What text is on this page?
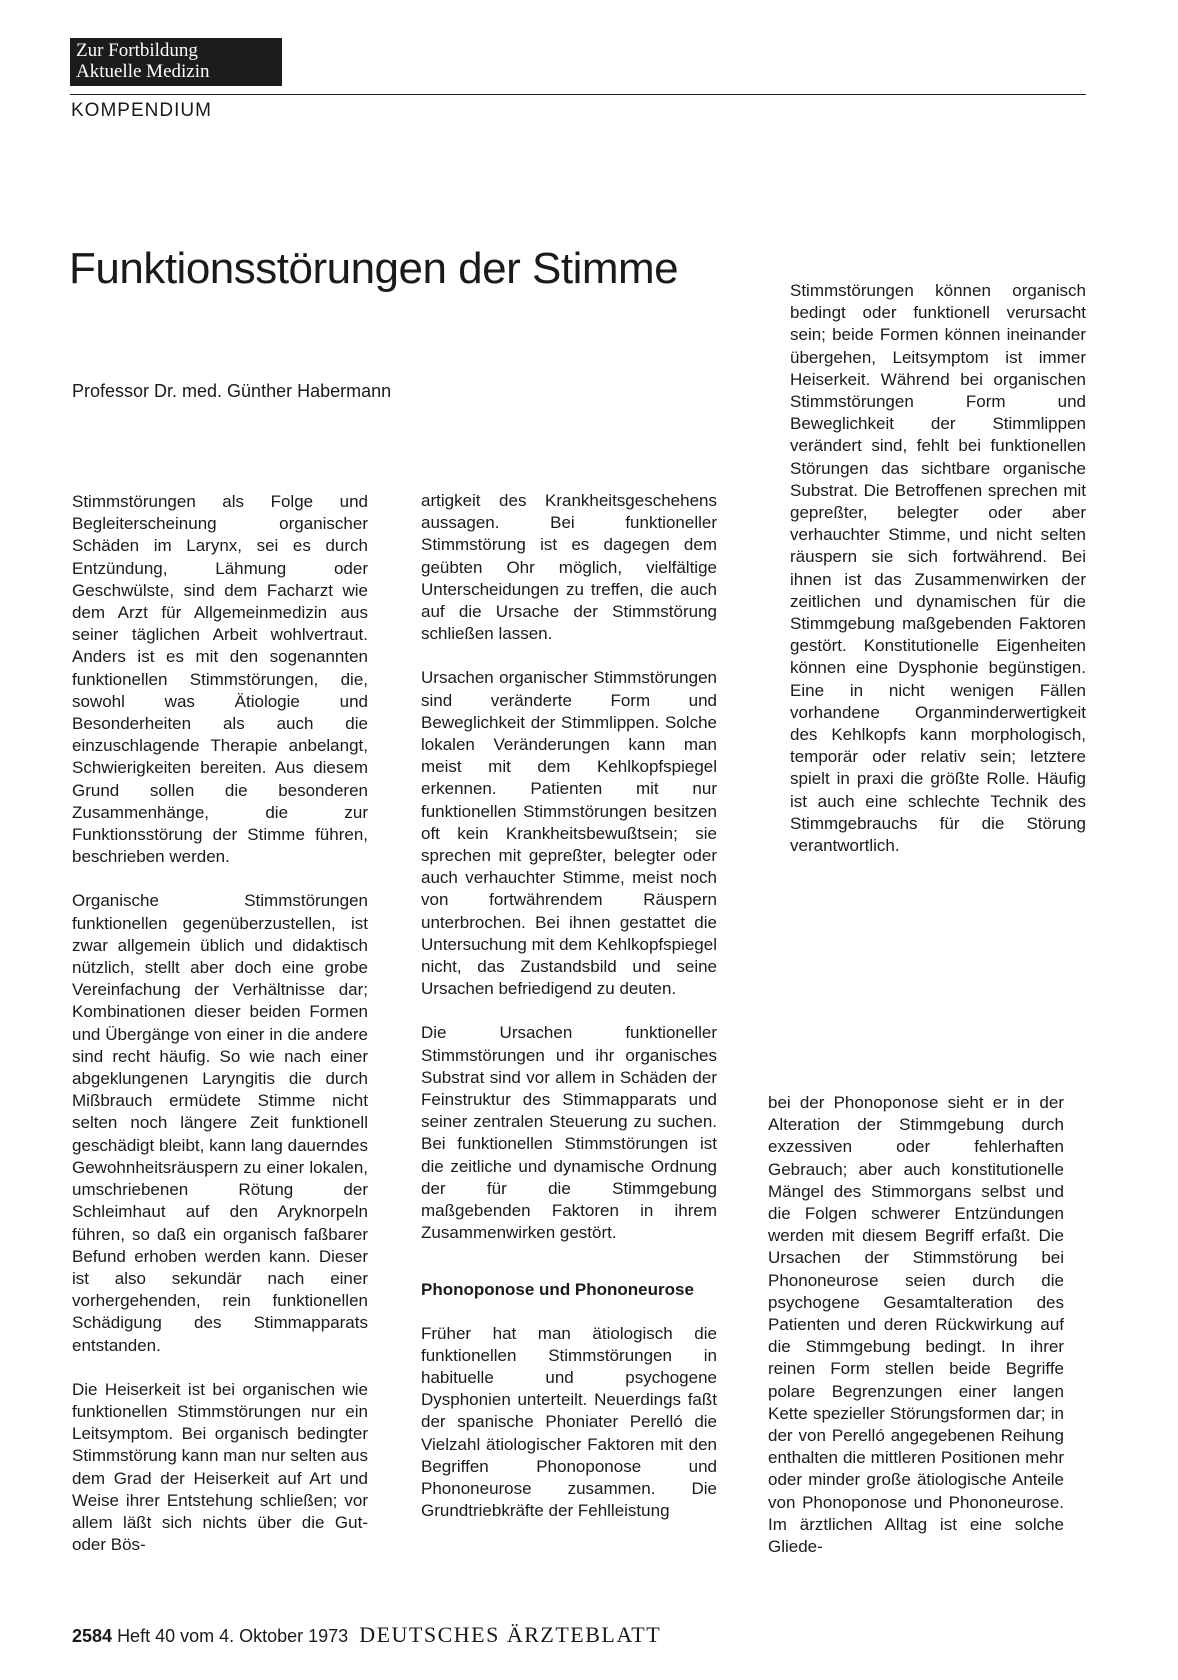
Zur Fortbildung
Aktuelle Medizin
KOMPENDIUM
Funktionsstörungen der Stimme
Professor Dr. med. Günther Habermann

Stimmstörungen als Folge und Begleiterscheinung organischer Schäden im Larynx, sei es durch Entzündung, Lähmung oder Geschwülste, sind dem Facharzt wie dem Arzt für Allgemeinmedizin aus seiner täglichen Arbeit wohlvertraut. Anders ist es mit den sogenannten funktionellen Stimmstörungen, die, sowohl was Ätiologie und Besonderheiten als auch die einzuschlagende Therapie anbelangt, Schwierigkeiten bereiten. Aus diesem Grund sollen die besonderen Zusammenhänge, die zur Funktionsstörung der Stimme führen, beschrieben werden.

Organische Stimmstörungen funktionellen gegenüberzustellen, ist zwar allgemein üblich und didaktisch nützlich, stellt aber doch eine grobe Vereinfachung der Verhältnisse dar; Kombinationen dieser beiden Formen und Übergänge von einer in die andere sind recht häufig. So wie nach einer abgeklungenen Laryngitis die durch Mißbrauch ermüdete Stimme nicht selten noch längere Zeit funktionell geschädigt bleibt, kann lang dauerndes Gewohnheitsräuspern zu einer lokalen, umschriebenen Rötung der Schleimhaut auf den Aryknorpeln führen, so daß ein organisch faßbarer Befund erhoben werden kann. Dieser ist also sekundär nach einer vorhergehenden, rein funktionellen Schädigung des Stimmapparats entstanden.

Die Heiserkeit ist bei organischen wie funktionellen Stimmstörungen nur ein Leitsymptom. Bei organisch bedingter Stimmstörung kann man nur selten aus dem Grad der Heiserkeit auf Art und Weise ihrer Entstehung schließen; vor allem läßt sich nichts über die Gut- oder Bös-

artigkeit des Krankheitsgeschehens aussagen. Bei funktioneller Stimmstörung ist es dagegen dem geübten Ohr möglich, vielfältige Unterscheidungen zu treffen, die auch auf die Ursache der Stimmstörung schließen lassen.

Ursachen organischer Stimmstörungen sind veränderte Form und Beweglichkeit der Stimmlippen. Solche lokalen Veränderungen kann man meist mit dem Kehlkopfspiegel erkennen. Patienten mit nur funktionellen Stimmstörungen besitzen oft kein Krankheitsbewußtsein; sie sprechen mit gepreßter, belegter oder auch verhauchter Stimme, meist noch von fortwährendem Räuspern unterbrochen. Bei ihnen gestattet die Untersuchung mit dem Kehlkopfspiegel nicht, das Zustandsbild und seine Ursachen befriedigend zu deuten.

Die Ursachen funktioneller Stimmstörungen und ihr organisches Substrat sind vor allem in Schäden der Feinstruktur des Stimmapparats und seiner zentralen Steuerung zu suchen. Bei funktionellen Stimmstörungen ist die zeitliche und dynamische Ordnung der für die Stimmgebung maßgebenden Faktoren in ihrem Zusammenwirken gestört.

Phonoponose und Phononeurose

Früher hat man ätiologisch die funktionellen Stimmstörungen in habituelle und psychogene Dysphonien unterteilt. Neuerdings faßt der spanische Phoniater Perelló die Vielzahl ätiologischer Faktoren mit den Begriffen Phonoponose und Phononeurose zusammen. Die Grundtriebkräfte der Fehlleistung

Stimmstörungen können organisch bedingt oder funktionell verursacht sein; beide Formen können ineinander übergehen, Leitsymptom ist immer Heiserkeit. Während bei organischen Stimmstörungen Form und Beweglichkeit der Stimmlippen verändert sind, fehlt bei funktionellen Störungen das sichtbare organische Substrat. Die Betroffenen sprechen mit gepreßter, belegter oder aber verhauchter Stimme, und nicht selten räuspern sie sich fortwährend. Bei ihnen ist das Zusammenwirken der zeitlichen und dynamischen für die Stimmgebung maßgebenden Faktoren gestört. Konstitutionelle Eigenheiten können eine Dysphonie begünstigen. Eine in nicht wenigen Fällen vorhandene Organminderwertigkeit des Kehlkopfs kann morphologisch, temporär oder relativ sein; letztere spielt in praxi die größte Rolle. Häufig ist auch eine schlechte Technik des Stimmgebrauchs für die Störung verantwortlich.

bei der Phonoponose sieht er in der Alteration der Stimmgebung durch exzessiven oder fehlerhaften Gebrauch; aber auch konstitutionelle Mängel des Stimmorgans selbst und die Folgen schwerer Entzündungen werden mit diesem Begriff erfaßt. Die Ursachen der Stimmstörung bei Phononeurose seien durch die psychogene Gesamtalteration des Patienten und deren Rückwirkung auf die Stimmgebung bedingt. In ihrer reinen Form stellen beide Begriffe polare Begrenzungen einer langen Kette spezieller Störungsformen dar; in der von Perelló angegebenen Reihung enthalten die mittleren Positionen mehr oder minder große ätiologische Anteile von Phonoponose und Phononeurose. Im ärztlichen Alltag ist eine solche Gliede-

2584 Heft 40 vom 4. Oktober 1973 DEUTSCHES ÄRZTEBLATT
